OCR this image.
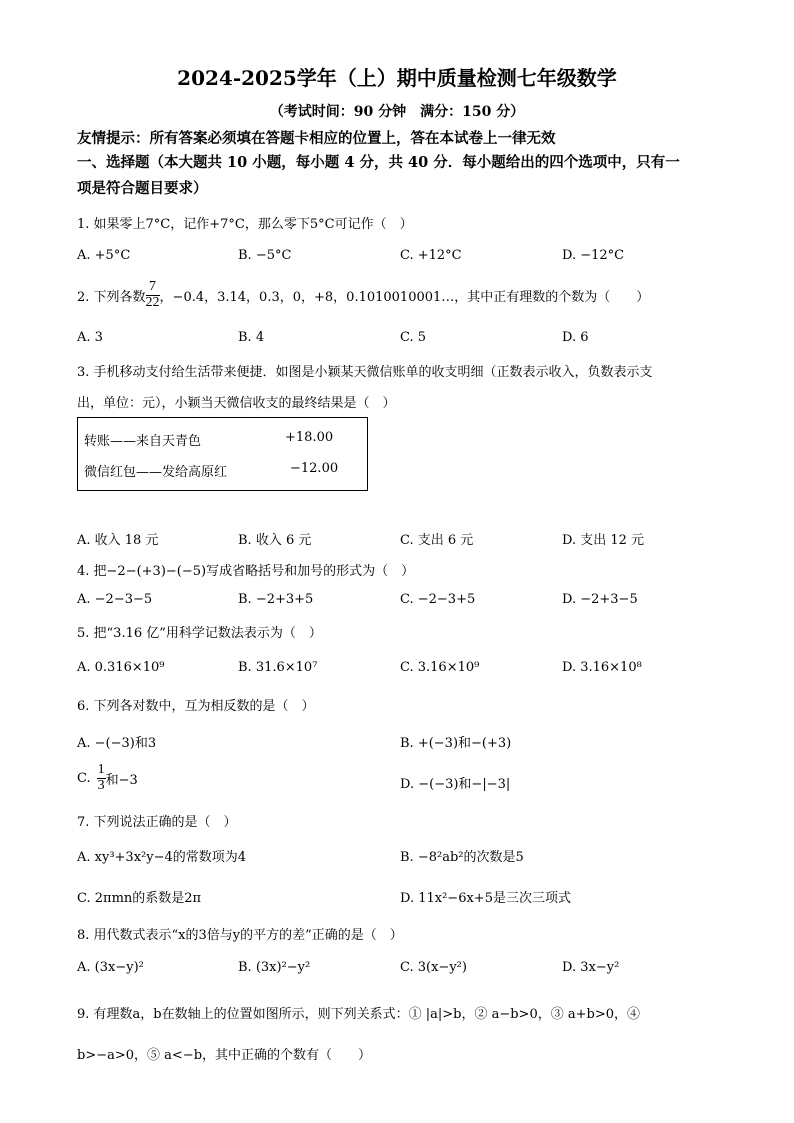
2024-2025学年（上）期中质量检测七年级数学
（考试时间：90 分钟　满分：150 分）
友情提示：所有答案必须填在答题卡相应的位置上，答在本试卷上一律无效
一、选择题（本大题共 10 小题，每小题 4 分，共 40 分．每小题给出的四个选项中，只有一
项是符合题目要求）
1. 如果零上7°C，记作+7°C，那么零下5°C可记作（　）
A. +5°C	B. −5°C	C. +12°C	D. −12°C
2. 下列各数 $\frac{7}{22}$ ，−0.4，3.14，0.3，0，+8，0.1010010001…，其中正有理数的个数为（　　）
A. 3	B. 4	C. 5	D. 6
3. 手机移动支付给生活带来便捷．如图是小颖某天微信账单的收支明细（正数表示收入，负数表示支
出，单位：元），小颖当天微信收支的最终结果是（　）
转账——来自天青色	+18.00
微信红包——发给高原红	−12.00
A. 收入 18 元	B. 收入 6 元	C. 支出 6 元	D. 支出 12 元
4. 把−2−(+3)−(−5)写成省略括号和加号的形式为（　）
A. −2−3−5	B. −2+3+5	C. −2−3+5	D. −2+3−5
5. 把“3.16 亿”用科学记数法表示为（　）
A. 0.316×10⁹	B. 31.6×10⁷	C. 3.16×10⁹	D. 3.16×10⁸
6. 下列各对数中，互为相反数的是（　）
A. −(−3)和3	B. +(−3)和−(+3)
C. $\frac{1}{3}$ 和−3	D. −(−3)和−|−3|
7. 下列说法正确的是（　）
A. xy³+3x²y−4的常数项为4	B. −8²ab²的次数是5
C. 2πmn的系数是2π	D. 11x²−6x+5是三次三项式
8. 用代数式表示“x的3倍与y的平方的差”正确的是（　）
A. (3x−y)²	B. (3x)²−y²	C. 3(x−y²)	D. 3x−y²
9. 有理数a，b在数轴上的位置如图所示，则下列关系式：① |a|>b，② a−b>0，③ a+b>0，④
b>−a>0，⑤ a<−b，其中正确的个数有（　　）
